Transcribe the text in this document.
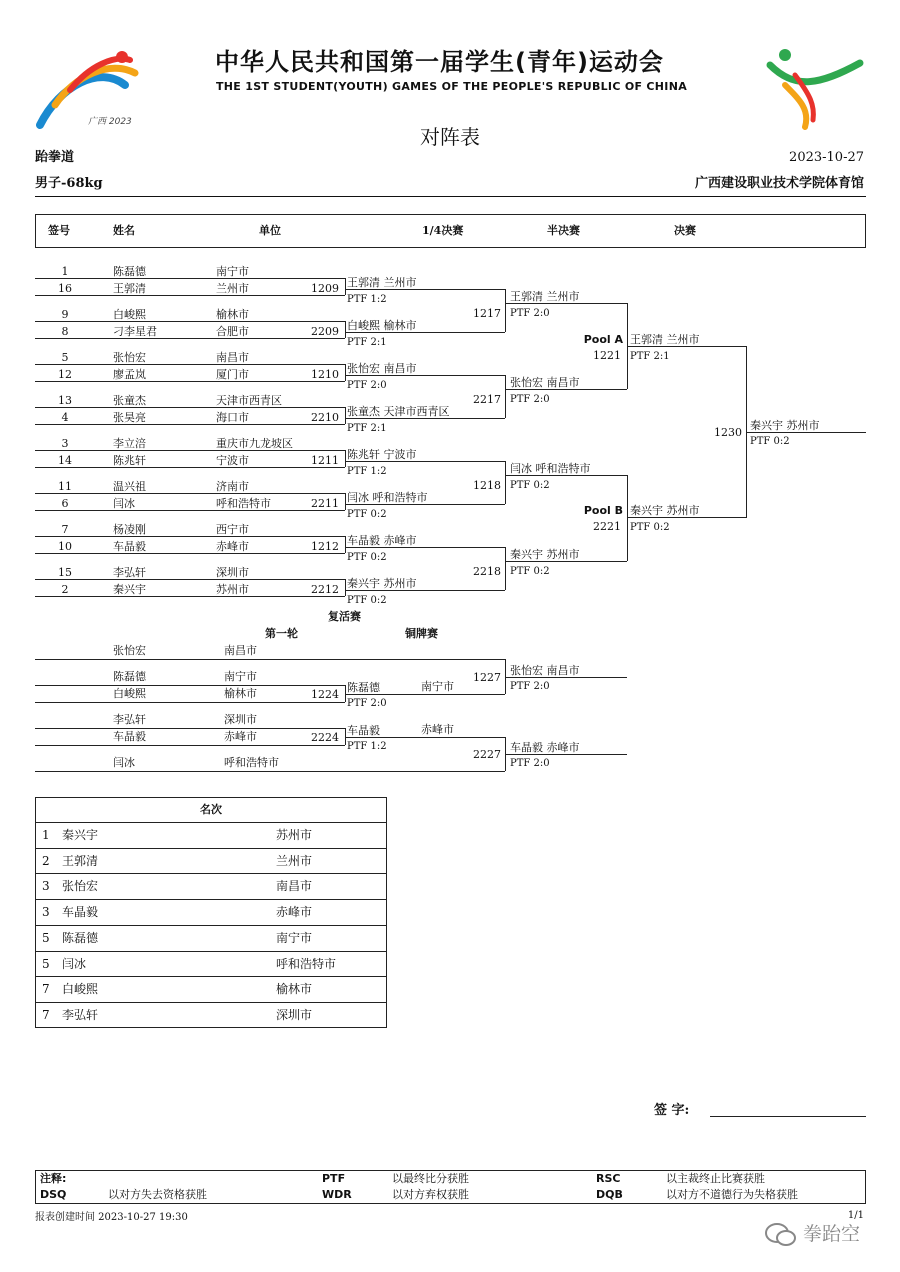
广西 2023
中华人民共和国第一届学生(青年)运动会
THE 1ST STUDENT(YOUTH) GAMES OF THE PEOPLE'S REPUBLIC OF CHINA
对阵表
跆拳道	2023-10-27
男子-68kg	广西建设职业技术学院体育馆
签号	姓名	单位	1/4决赛	半决赛	决赛
1	陈磊德	南宁市
16	王郭清	兰州市
9	白峻熙	榆林市
8	刁李星君	合肥市
5	张怡宏	南昌市
12	廖孟岚	厦门市
13	张童杰	天津市西青区
4	张昊亮	海口市
3	李立涪	重庆市九龙坡区
14	陈兆轩	宁波市
11	温兴祖	济南市
6	闫冰	呼和浩特市
7	杨凌刚	西宁市
10	车晶毅	赤峰市
15	李弘轩	深圳市
2	秦兴宇	苏州市
1209 王郭清 兰州市
PTF 1:2
2209 白峻熙 榆林市
PTF 2:1
1210 张怡宏 南昌市
PTF 2:0
2210 张童杰 天津市西青区
PTF 2:1
1211 陈兆轩 宁波市
PTF 1:2
2211 闫冰 呼和浩特市
PTF 0:2
1212 车晶毅 赤峰市
PTF 0:2
2212 秦兴宇 苏州市
PTF 0:2
1217
王郭清 兰州市
PTF 2:0
2217
张怡宏 南昌市
PTF 2:0
1218
闫冰 呼和浩特市
PTF 0:2
2218
秦兴宇 苏州市
PTF 0:2
Pool A
1221
王郭清 兰州市
PTF 2:1
Pool B
2221
秦兴宇 苏州市
PTF 0:2
1230
秦兴宇 苏州市
PTF 0:2
复活赛
第一轮	铜牌赛
张怡宏	南昌市
陈磊德	南宁市
白峻熙	榆林市
李弘轩	深圳市
车晶毅	赤峰市
闫冰	呼和浩特市
1224
陈磊德	南宁市
PTF 2:0
2224
车晶毅	赤峰市
PTF 1:2
1227
张怡宏 南昌市
PTF 2:0
2227
车晶毅 赤峰市
PTF 2:0
名次
1 秦兴宇	苏州市
2 王郭清	兰州市
3 张怡宏	南昌市
3 车晶毅	赤峰市
5 陈磊德	南宁市
5 闫冰	呼和浩特市
7 白峻熙	榆林市
7 李弘轩	深圳市
签 字:
注释:	PTF	以最终比分获胜	RSC	以主裁终止比赛获胜
DSQ	以对方失去资格获胜	WDR	以对方弃权获胜	DQB	以对方不道德行为失格获胜
报表创建时间 2023-10-27 19:30	1/1
拳跆空
